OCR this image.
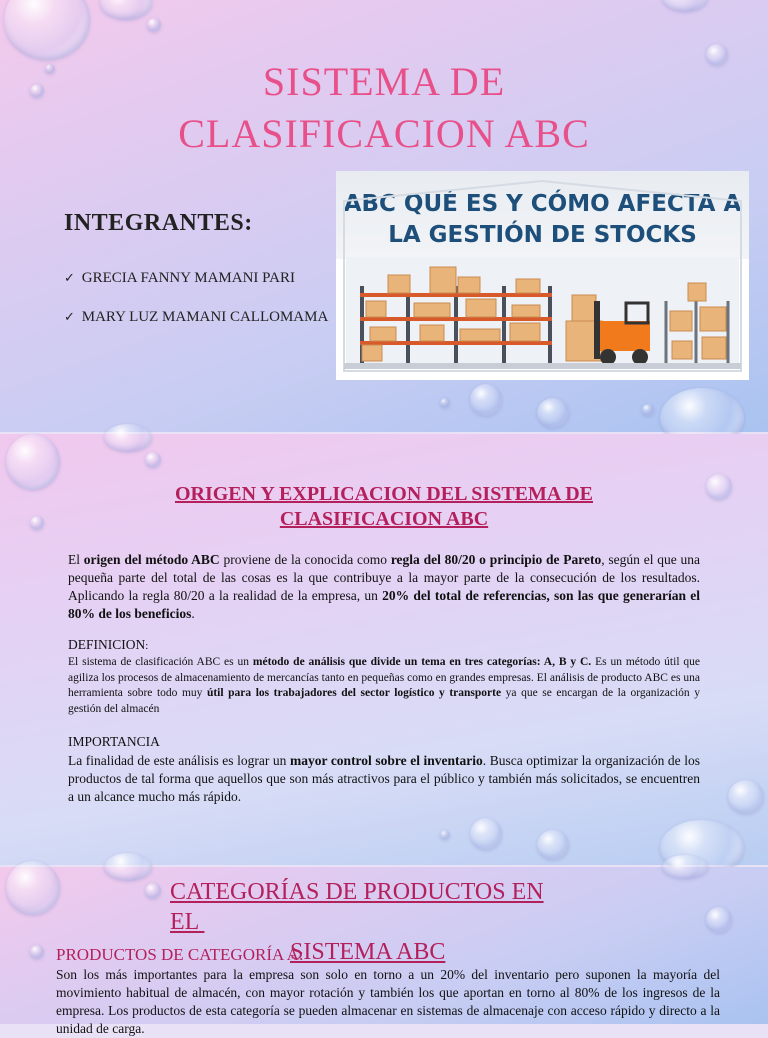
SISTEMA DE
CLASIFICACION ABC
INTEGRANTES:
✓ GRECIA FANNY MAMANI PARI
✓ MARY LUZ MAMANI CALLOMAMA
ABC QUÉ ES Y CÓMO AFECTA A
LA GESTIÓN DE STOCKS
ORIGEN Y EXPLICACION DEL SISTEMA DE
CLASIFICACION ABC
El origen del método ABC proviene de la conocida como regla del 80/20 o principio de Pareto, según el que una pequeña parte del total de las cosas es la que contribuye a la mayor parte de la consecución de los resultados. Aplicando la regla 80/20 a la realidad de la empresa, un 20% del total de referencias, son las que generarían el 80% de los beneficios.
DEFINICION:
El sistema de clasificación ABC es un método de análisis que divide un tema en tres categorías: A, B y C. Es un método útil que agiliza los procesos de almacenamiento de mercancías tanto en pequeñas como en grandes empresas. El análisis de producto ABC es una herramienta sobre todo muy útil para los trabajadores del sector logístico y transporte ya que se encargan de la organización y gestión del almacén
IMPORTANCIA
La finalidad de este análisis es lograr un mayor control sobre el inventario. Busca optimizar la organización de los productos de tal forma que aquellos que son más atractivos para el público y también más solicitados, se encuentren a un alcance mucho más rápido.
CATEGORÍAS DE PRODUCTOS EN
EL
SISTEMA ABC
PRODUCTOS DE CATEGORÍA A:
Son los más importantes para la empresa son solo en torno a un 20% del inventario pero suponen la mayoría del movimiento habitual de almacén, con mayor rotación y también los que aportan en torno al 80% de los ingresos de la empresa. Los productos de esta categoría se pueden almacenar en sistemas de almacenaje con acceso rápido y directo a la unidad de carga.
